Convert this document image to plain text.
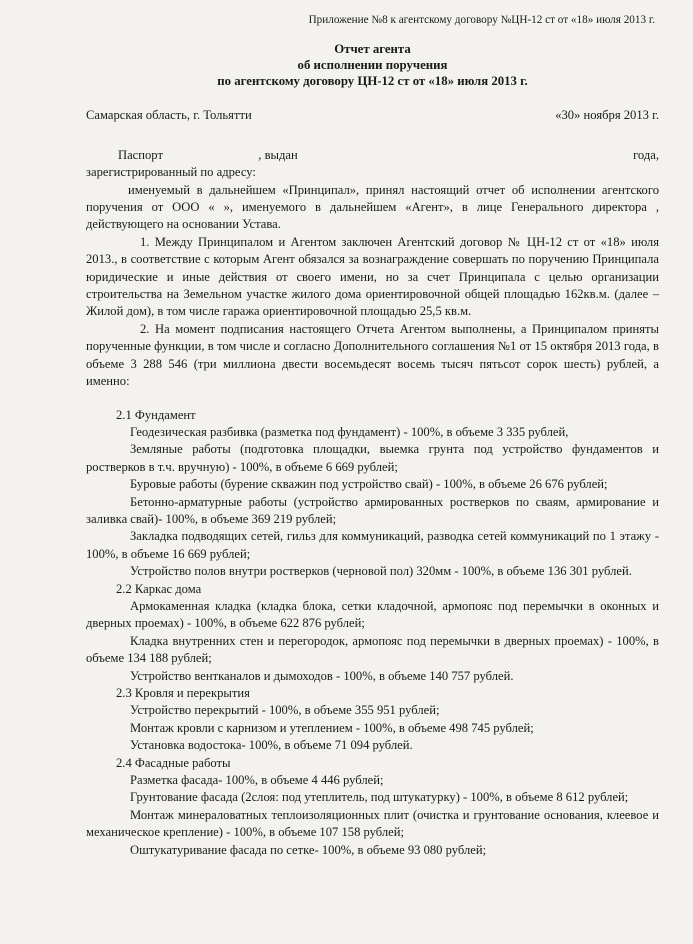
Приложение №8 к агентскому договору №ЦН-12 ст от «18» июля 2013 г.
Отчет агента
об исполнении поручения
по агентскому договору ЦН-12 ст от «18» июля 2013 г.
Самарская область, г. Тольятти	«30» ноября 2013 г.
Паспорт	, выдан	года,

зарегистрированный по адресу:

именуемый в дальнейшем «Принципал», принял настоящий отчет об исполнении агентского поручения от ООО « », именуемого в дальнейшем «Агент», в лице Генерального директора , действующего на основании Устава.

1. Между Принципалом и Агентом заключен Агентский договор № ЦН-12 ст от «18» июля 2013., в соответствие с которым Агент обязался за вознаграждение совершать по поручению Принципала юридические и иные действия от своего имени, но за счет Принципала с целью организации строительства на Земельном участке жилого дома ориентировочной общей площадью 162кв.м. (далее – Жилой дом), в том числе гаража ориентировочной площадью 25,5 кв.м.

2. На момент подписания настоящего Отчета Агентом выполнены, а Принципалом приняты порученные функции, в том числе и согласно Дополнительного соглашения №1 от 15 октября 2013 года, в объеме 3 288 546 (три миллиона двести восемьдесят восемь тысяч пятьсот сорок шесть) рублей, а именно:

2.1 Фундамент

Геодезическая разбивка (разметка под фундамент) - 100%, в объеме 3 335 рублей,

Земляные работы (подготовка площадки, выемка грунта под устройство фундаментов и ростверков в т.ч. вручную) - 100%, в объеме 6 669 рублей;

Буровые работы (бурение скважин под устройство свай) - 100%, в объеме 26 676 рублей;

Бетонно-арматурные работы (устройство армированных ростверков по сваям, армирование и заливка свай)- 100%, в объеме 369 219 рублей;

Закладка подводящих сетей, гильз для коммуникаций, разводка сетей коммуникаций по 1 этажу - 100%, в объеме 16 669 рублей;

Устройство полов внутри ростверков (черновой пол) 320мм - 100%, в объеме 136 301 рублей.

2.2 Каркас дома

Армокаменная кладка (кладка блока, сетки кладочной, армопояс под перемычки в оконных и дверных проемах) - 100%, в объеме 622 876 рублей;

Кладка внутренних стен и перегородок, армопояс под перемычки в дверных проемах) - 100%, в объеме 134 188 рублей;

Устройство вентканалов и дымоходов - 100%, в объеме 140 757 рублей.

2.3 Кровля и перекрытия

Устройство перекрытий - 100%, в объеме 355 951 рублей;

Монтаж кровли с карнизом и утеплением - 100%, в объеме 498 745 рублей;

Установка водостока- 100%, в объеме 71 094 рублей.

2.4 Фасадные работы

Разметка фасада- 100%, в объеме 4 446 рублей;

Грунтование фасада (2слоя: под утеплитель, под штукатурку) - 100%, в объеме 8 612 рублей;

Монтаж минераловатных теплоизоляционных плит (очистка и грунтование основания, клеевое и механическое крепление) - 100%, в объеме 107 158 рублей;

Оштукатуривание фасада по сетке- 100%, в объеме 93 080 рублей;
